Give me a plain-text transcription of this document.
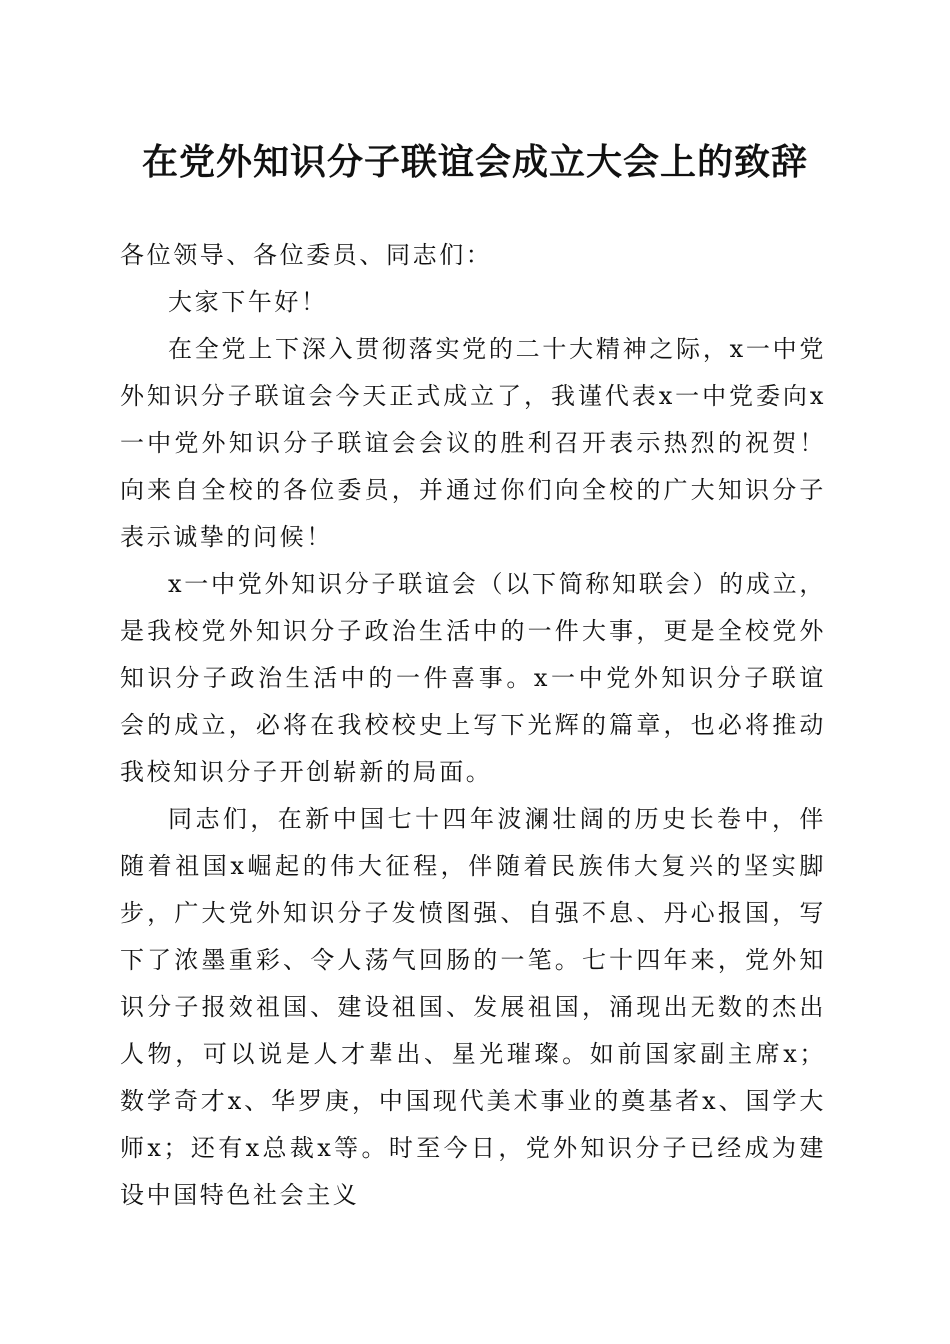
在党外知识分子联谊会成立大会上的致辞

各位领导、各位委员、同志们：

大家下午好！

在全党上下深入贯彻落实党的二十大精神之际，x一中党外知识分子联谊会今天正式成立了，我谨代表x一中党委向x一中党外知识分子联谊会会议的胜利召开表示热烈的祝贺！向来自全校的各位委员，并通过你们向全校的广大知识分子表示诚挚的问候！

x一中党外知识分子联谊会（以下简称知联会）的成立，是我校党外知识分子政治生活中的一件大事，更是全校党外知识分子政治生活中的一件喜事。x一中党外知识分子联谊会的成立，必将在我校校史上写下光辉的篇章，也必将推动我校知识分子开创崭新的局面。

同志们，在新中国七十四年波澜壮阔的历史长卷中，伴随着祖国x崛起的伟大征程，伴随着民族伟大复兴的坚实脚步，广大党外知识分子发愤图强、自强不息、丹心报国，写下了浓墨重彩、令人荡气回肠的一笔。七十四年来，党外知识分子报效祖国、建设祖国、发展祖国，涌现出无数的杰出人物，可以说是人才辈出、星光璀璨。如前国家副主席x；数学奇才x、华罗庚，中国现代美术事业的奠基者x、国学大师x；还有x总裁x等。时至今日，党外知识分子已经成为建设中国特色社会主义
